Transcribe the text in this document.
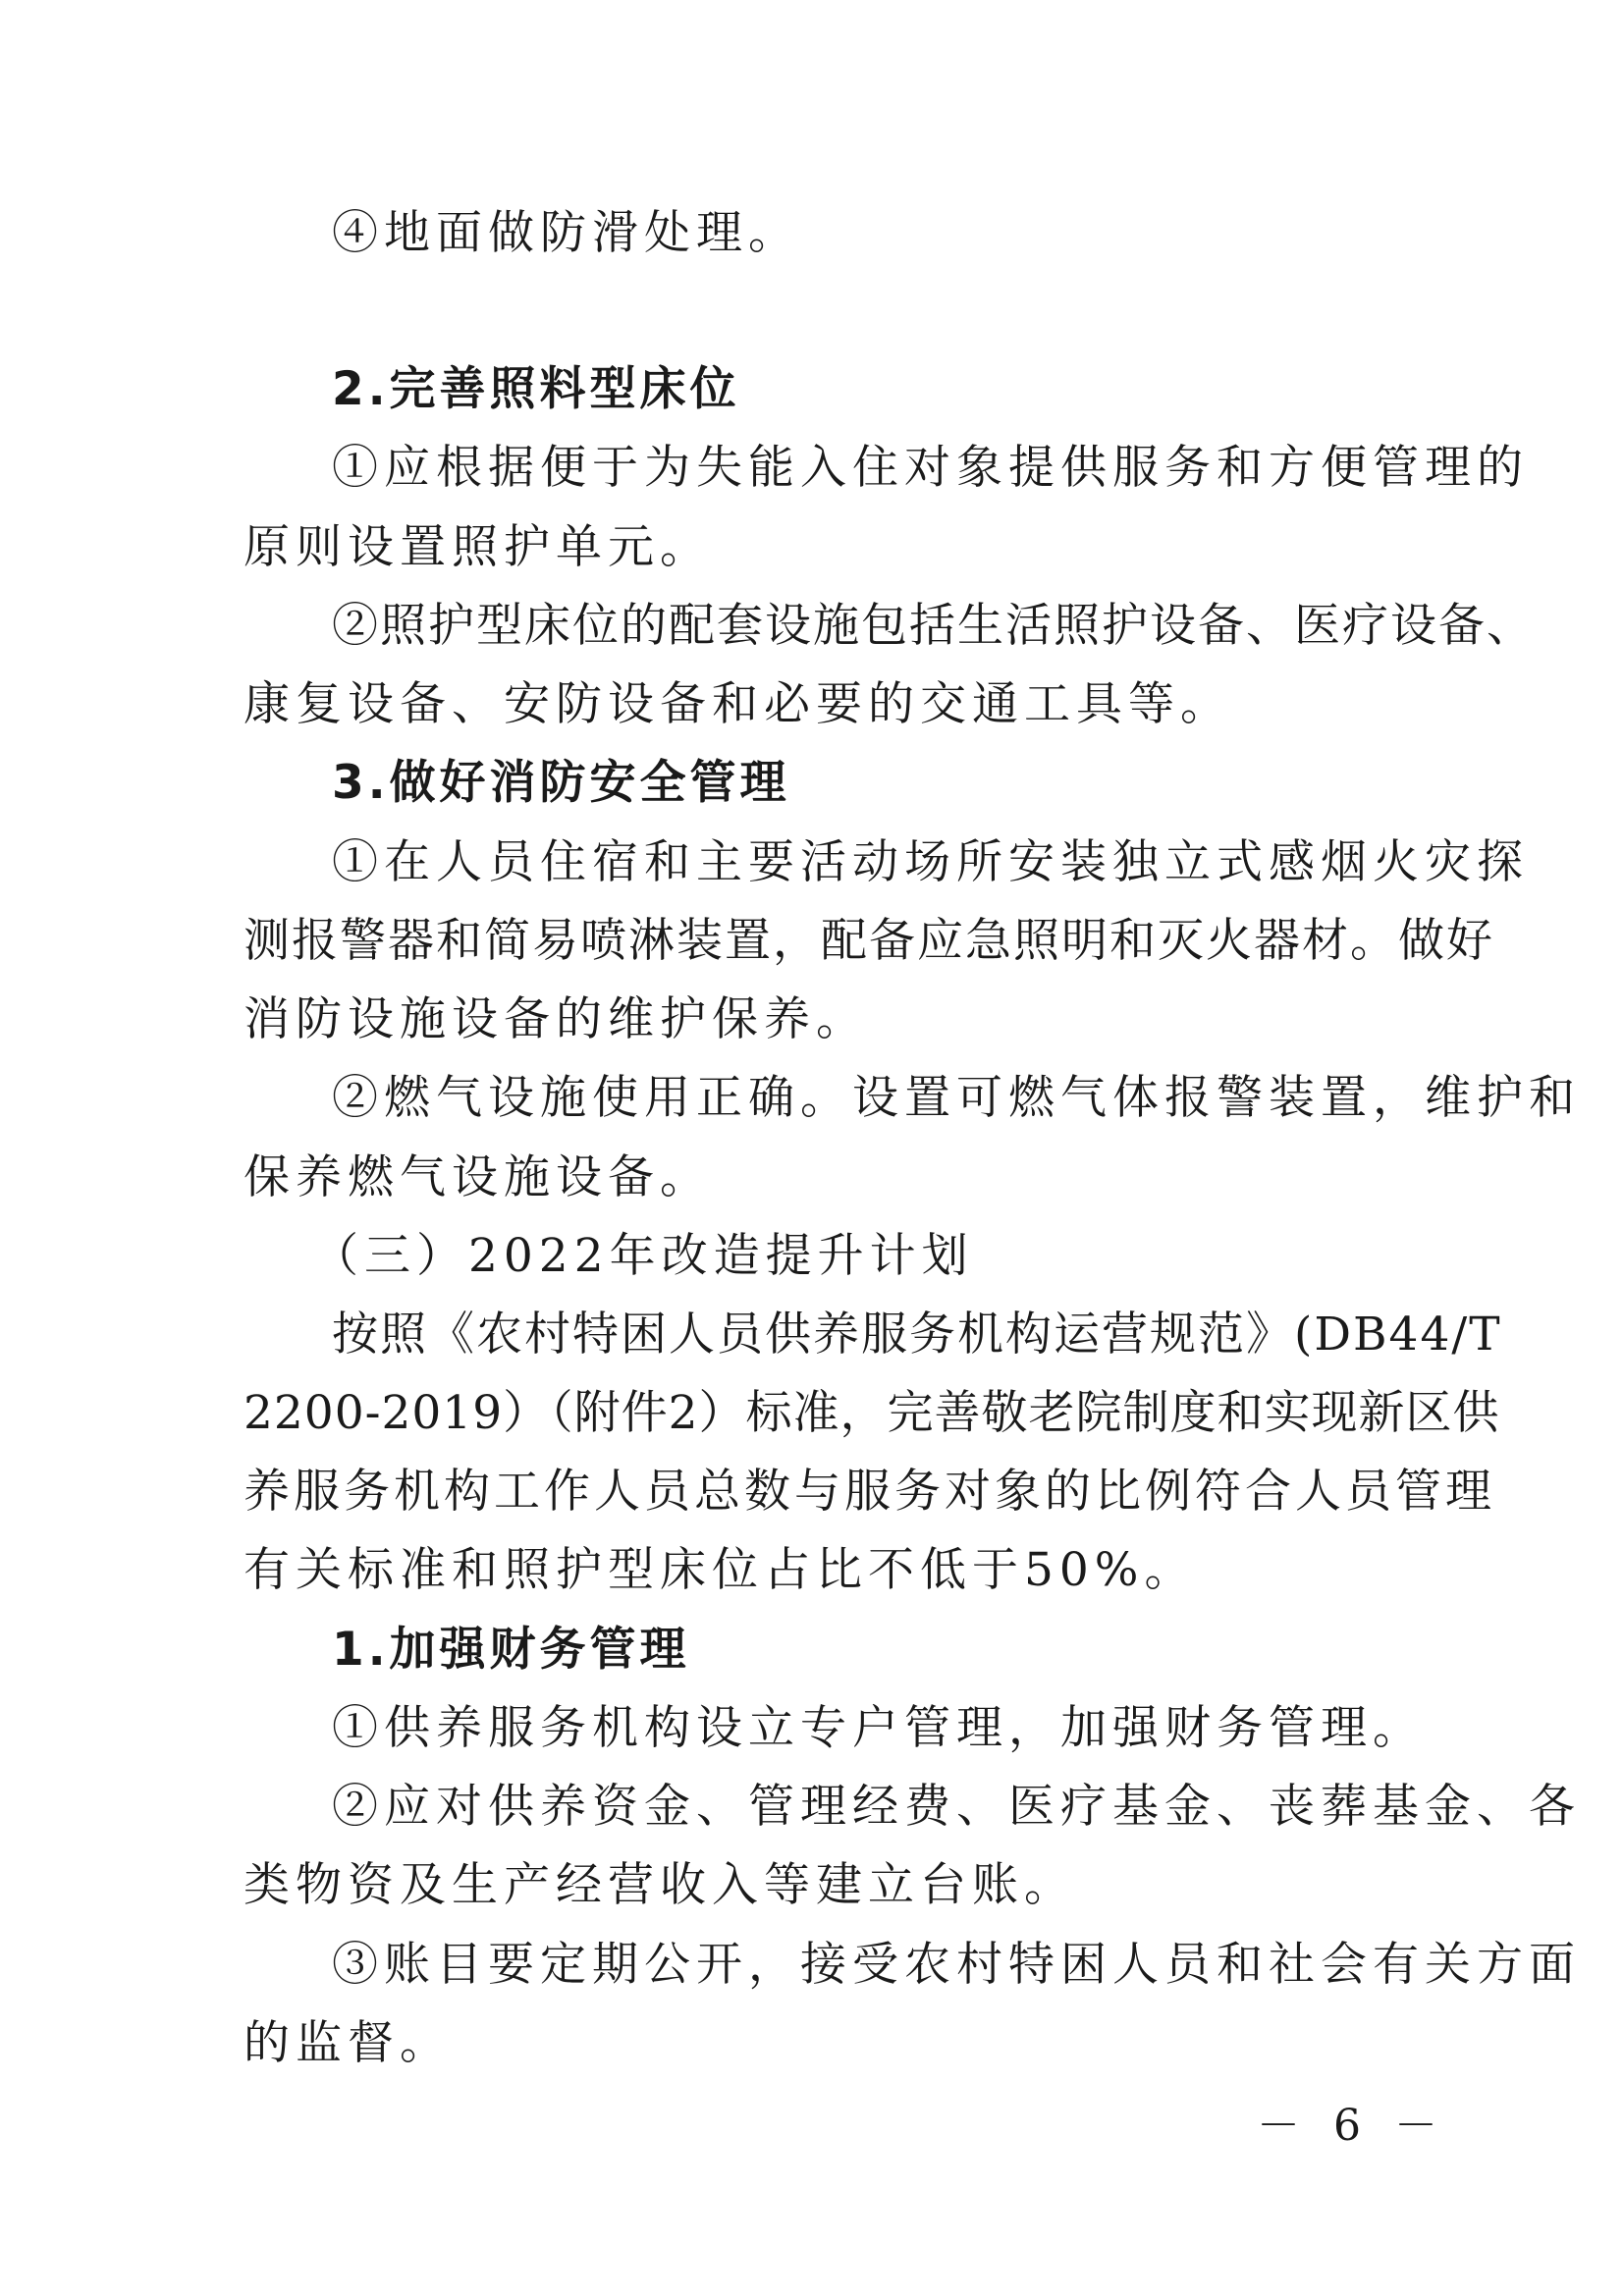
④地面做防滑处理。
2.完善照料型床位
①应根据便于为失能入住对象提供服务和方便管理的
原则设置照护单元。
②照护型床位的配套设施包括生活照护设备、医疗设备、
康复设备、安防设备和必要的交通工具等。
3.做好消防安全管理
①在人员住宿和主要活动场所安装独立式感烟火灾探
测报警器和简易喷淋装置，配备应急照明和灭火器材。做好
消防设施设备的维护保养。
②燃气设施使用正确。设置可燃气体报警装置，维护和
保养燃气设施设备。
（三）2022年改造提升计划
按照《农村特困人员供养服务机构运营规范》(DB44/T
2200-2019）（附件2）标准，完善敬老院制度和实现新区供
养服务机构工作人员总数与服务对象的比例符合人员管理
有关标准和照护型床位占比不低于50%。
1.加强财务管理
①供养服务机构设立专户管理，加强财务管理。
②应对供养资金、管理经费、医疗基金、丧葬基金、各
类物资及生产经营收入等建立台账。
③账目要定期公开，接受农村特困人员和社会有关方面
的监督。
－ 6 －
